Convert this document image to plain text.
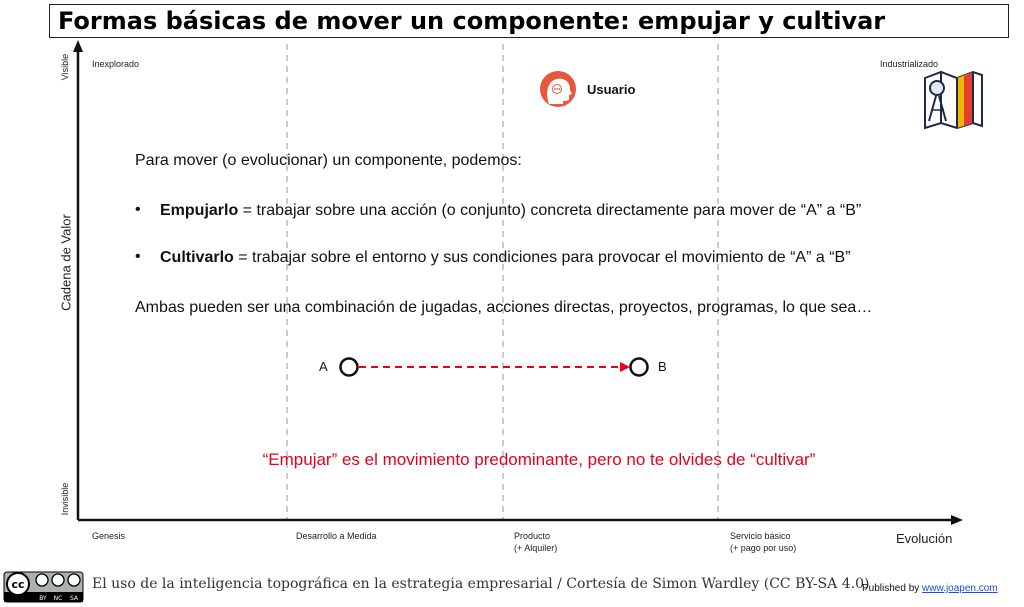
Formas básicas de mover un componente: empujar y cultivar
cc
BY NC SA
Visible
Invisible
Cadena de Valor
Evolución
Inexplorado	Industrializado
Genesis	Desarrollo a Medida	Producto
(+ Alquiler)
Servicio básico
(+ pago por uso)
Usuario
Para mover (o evolucionar) un componente, podemos:
• Empujarlo = trabajar sobre una acción (o conjunto) concreta directamente para mover de “A” a “B”
• Cultivarlo = trabajar sobre el entorno y sus condiciones para provocar el movimiento de “A” a “B”
Ambas pueden ser una combinación de jugadas, acciones directas, proyectos, programas, lo que sea…
A	B
“Empujar” es el movimiento predominante, pero no te olvides de “cultivar”
El uso de la inteligencia topográfica en la estrategia empresarial / Cortesía de Simon Wardley (CC BY-SA 4.0)
Published by www.joapen.com
